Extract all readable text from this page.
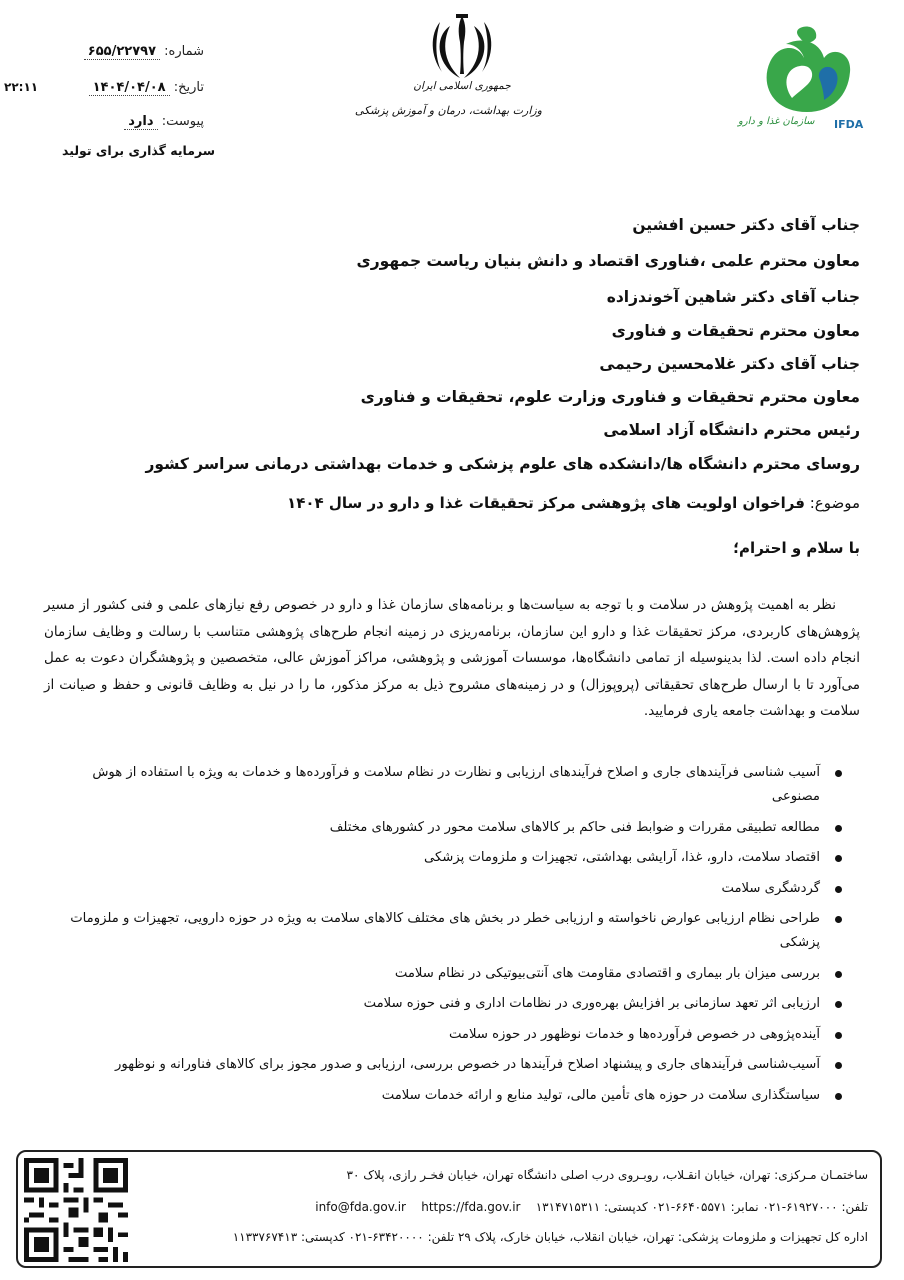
شماره: ۶۵۵/۲۲۷۹۷
تاریخ: ۱۴۰۴/۰۴/۰۸
۲۲:۱۱
پیوست: دارد
سرمایه گذاری برای تولید
جمهوری اسلامی ایران
وزارت بهداشت، درمان و آموزش پزشکی
سازمان غذا و دارو IFDA
جناب آقای دکتر حسین افشین
معاون محترم علمی ،فناوری اقتصاد و دانش بنیان ریاست جمهوری
جناب آقای دکتر شاهین آخوندزاده
معاون محترم تحقیقات و فناوری
جناب آقای دکتر غلامحسین رحیمی
معاون محترم تحقیقات و فناوری وزارت علوم، تحقیقات و فناوری
رئیس محترم دانشگاه آزاد اسلامی
روسای محترم دانشگاه ها/دانشکده های علوم پزشکی و خدمات بهداشتی درمانی سراسر کشور
موضوع: فراخوان اولویت های پژوهشی مرکز تحقیقات غذا و دارو در سال ۱۴۰۴
با سلام و احترام؛
نظر به اهمیت پژوهش در سلامت و با توجه به سیاست‌ها و برنامه‌های سازمان غذا و دارو در خصوص رفع نیازهای علمی و فنی کشور از مسیر پژوهش‌های کاربردی، مرکز تحقیقات غذا و دارو این سازمان، برنامه‌ریزی در زمینه انجام طرح‌های پژوهشی متناسب با رسالت و وظایف سازمان انجام داده است. لذا بدینوسیله از تمامی دانشگاه‌ها، موسسات آموزشی و پژوهشی، مراکز آموزش عالی، متخصصین و پژوهشگران دعوت به عمل می‌آورد تا با ارسال طرح‌های تحقیقاتی (پروپوزال) و در زمینه‌های مشروح ذیل به مرکز مذکور، ما را در نیل به وظایف قانونی و حفظ و صیانت از سلامت و بهداشت جامعه یاری فرمایید.
آسیب شناسی فرآیندهای جاری و اصلاح فرآیندهای ارزیابی و نظارت در نظام سلامت و فرآورده‌ها و خدمات به ویژه با استفاده از هوش مصنوعی
مطالعه تطبیقی مقررات و ضوابط فنی حاکم بر کالاهای سلامت محور در کشورهای مختلف
اقتصاد سلامت، دارو، غذا، آرایشی بهداشتی، تجهیزات و ملزومات پزشکی
گردشگری سلامت
طراحی نظام ارزیابی عوارض ناخواسته و ارزیابی خطر در بخش های مختلف کالاهای سلامت به ویژه در حوزه دارویی، تجهیزات و ملزومات پزشکی
بررسی میزان بار بیماری و اقتصادی مقاومت های آنتی‌بیوتیکی در نظام سلامت
ارزیابی اثر تعهد سازمانی بر افزایش بهره‌وری در نظامات اداری و فنی حوزه سلامت
آینده‌پژوهی در خصوص فرآورده‌ها و خدمات نوظهور در حوزه سلامت
آسیب‌شناسی فرآیندهای جاری و پیشنهاد اصلاح فرآیندها در خصوص بررسی، ارزیابی و صدور مجوز برای کالاهای فناورانه و نوظهور
سیاستگذاری سلامت در حوزه های تأمین مالی، تولید منابع و ارائه خدمات سلامت
ساختمـان مـرکزی: تهران، خیابان انقـلاب، روبـروی درب اصلی دانشگاه تهران، خیابان فخـر رازی، پلاک ۳۰
تلفن: ۶۱۹۲۷۰۰۰-۰۲۱ نمابر: ۶۶۴۰۵۵۷۱-۰۲۱ کدپستی: ۱۳۱۴۷۱۵۳۱۱    info@fda.gov.ir https://fda.gov.ir
اداره کل تجهیزات و ملزومات پزشکی: تهران، خیابان انقلاب، خیابان خارک، پلاک ۲۹ تلفن: ۶۳۴۲۰۰۰۰-۰۲۱ کدپستی: ۱۱۳۳۷۶۷۴۱۳
